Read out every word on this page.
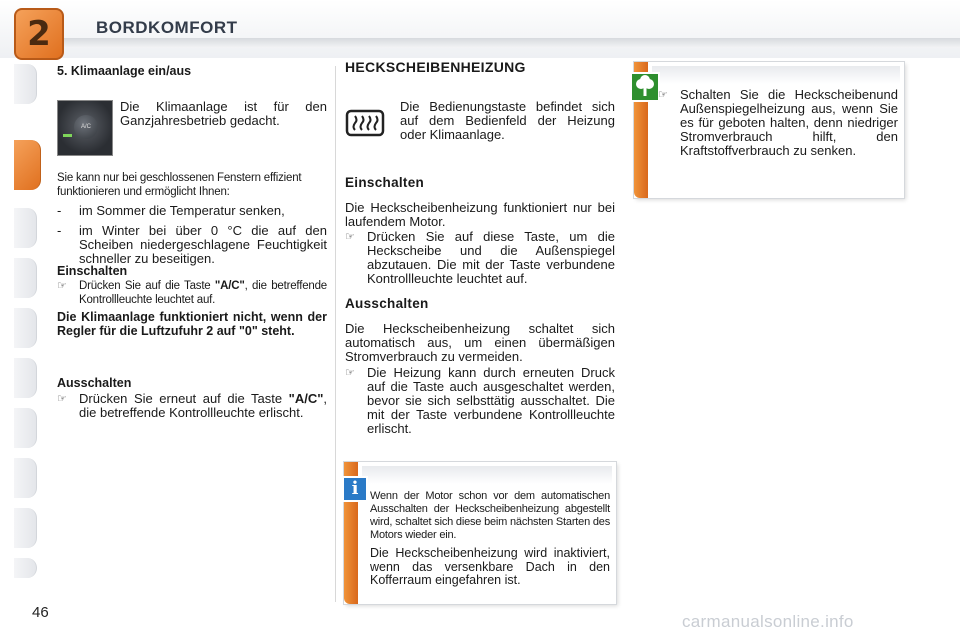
2	BORDKOMFORT
5. Klimaanlage ein/aus
A/C
Die Klimaanlage ist für den Ganzjahresbetrieb gedacht.
Sie kann nur bei geschlossenen Fenstern effizient funktionieren und ermöglicht Ihnen:
-	im Sommer die Temperatur senken,
-	im Winter bei über 0 °C die auf den Scheiben niedergeschlagene Feuchtigkeit schneller zu beseitigen.
Einschalten
☞	Drücken Sie auf die Taste "A/C", die betreffende Kontrollleuchte leuchtet auf.
Die Klimaanlage funktioniert nicht, wenn der Regler für die Luftzufuhr 2 auf "0" steht.
Ausschalten
☞ Drücken Sie erneut auf die Taste "A/C", die betreffende Kontrollleuchte erlischt.
HECKSCHEIBENHEIZUNG
Die Bedienungstaste befindet sich auf dem Bedienfeld der Heizung oder Klimaanlage.
Einschalten
Die Heckscheibenheizung funktioniert nur bei laufendem Motor.
☞ Drücken Sie auf diese Taste, um die Heckscheibe und die Außenspiegel abzutauen. Die mit der Taste verbundene Kontrollleuchte leuchtet auf.
Ausschalten
Die Heckscheibenheizung schaltet sich automatisch aus, um einen übermäßigen Stromverbrauch zu vermeiden.
☞ Die Heizung kann durch erneuten Druck auf die Taste auch ausgeschaltet werden, bevor sie sich selbsttätig ausschaltet. Die mit der Taste verbundene Kontrollleuchte erlischt.
i	Wenn der Motor schon vor dem automatischen Ausschalten der Heckscheibenheizung abgestellt wird, schaltet sich diese beim nächsten Starten des Motors wieder ein.
Die Heckscheibenheizung wird inaktiviert, wenn das versenkbare Dach in den Kofferraum eingefahren ist.
☞ Schalten Sie die Heckscheibenund Außenspiegelheizung aus, wenn Sie es für geboten halten, denn niedriger Stromverbrauch hilft, den Kraftstoffverbrauch zu senken.
46	carmanualsonline.info
